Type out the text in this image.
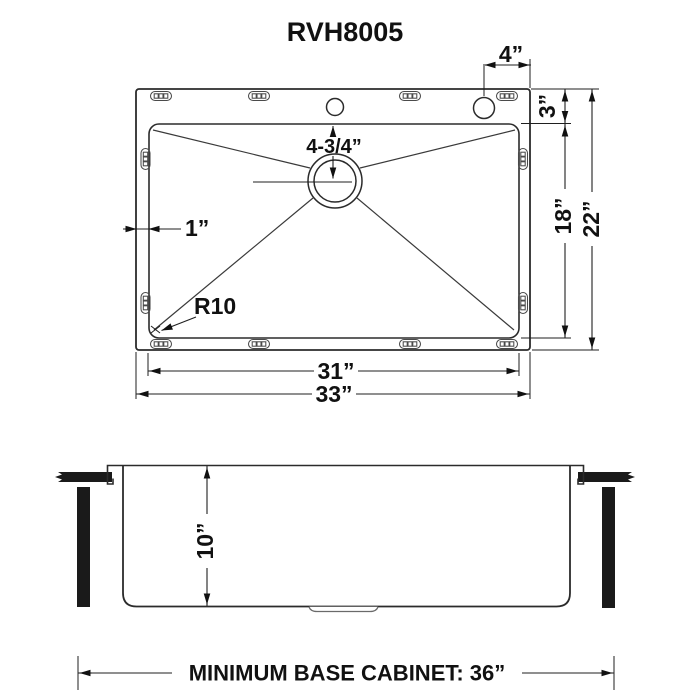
RVH8005
4-3/4”
4”
1”
R10
3”
18” 22”
31”
33”
10”
MINIMUM BASE CABINET: 36”
